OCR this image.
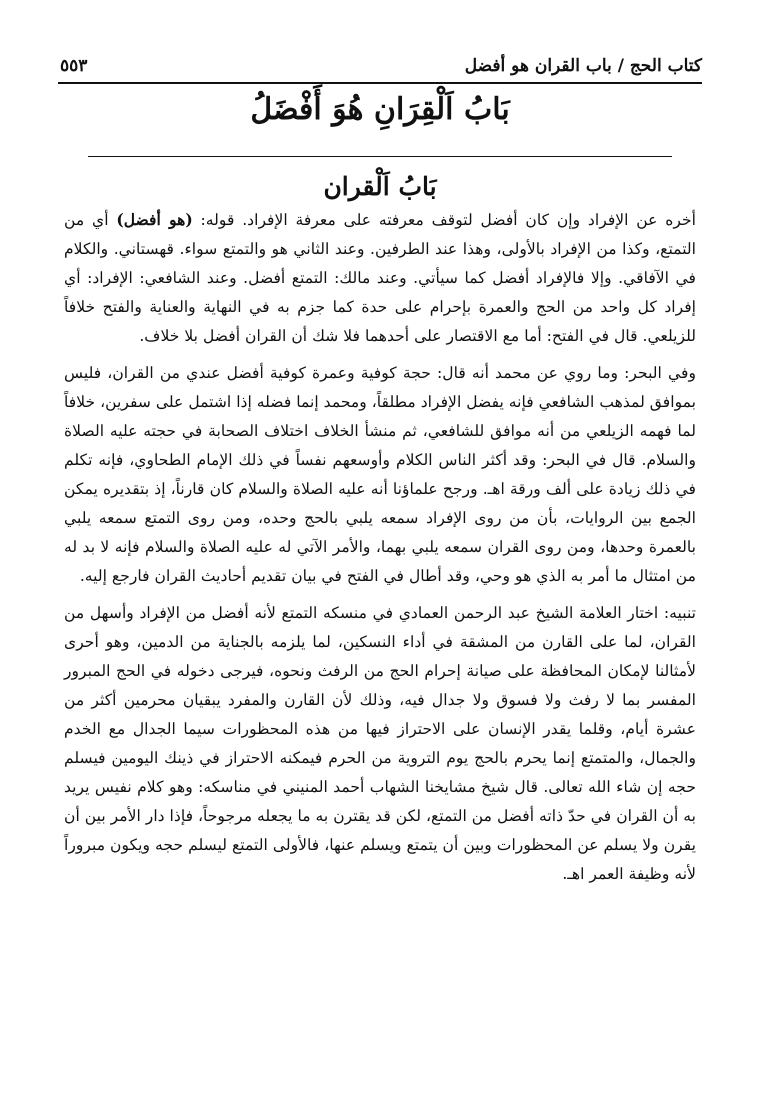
كتاب الحج / باب القران هو أفضل
٥٥٣
بَابُ اَلْقِرَانِ هُوَ أَفْضَلُ
بَابُ اَلْقران

أخره عن الإفراد وإن كان أفضل لتوقف معرفته على معرفة الإفراد. قوله: (هو أفضل) أي من التمتع، وكذا من الإفراد بالأولى، وهذا عند الطرفين. وعند الثاني هو والتمتع سواء. قهستاني. والكلام في الآفاقي. وإلا فالإفراد أفضل كما سيأتي. وعند مالك: التمتع أفضل. وعند الشافعي: الإفراد: أي إفراد كل واحد من الحج والعمرة بإحرام على حدة كما جزم به في النهاية والعناية والفتح خلافاً للزيلعي. قال في الفتح: أما مع الاقتصار على أحدهما فلا شك أن القران أفضل بلا خلاف.

وفي البحر: وما روي عن محمد أنه قال: حجة كوفية وعمرة كوفية أفضل عندي من القران، فليس بموافق لمذهب الشافعي فإنه يفضل الإفراد مطلقاً، ومحمد إنما فضله إذا اشتمل على سفرين، خلافاً لما فهمه الزيلعي من أنه موافق للشافعي، ثم منشأ الخلاف اختلاف الصحابة في حجته عليه الصلاة والسلام. قال في البحر: وقد أكثر الناس الكلام وأوسعهم نفساً في ذلك الإمام الطحاوي، فإنه تكلم في ذلك زيادة على ألف ورقة اهـ. ورجح علماؤنا أنه عليه الصلاة والسلام كان قارناً، إذ بتقديره يمكن الجمع بين الروايات، بأن من روى الإفراد سمعه يلبي بالحج وحده، ومن روى التمتع سمعه يلبي بالعمرة وحدها، ومن روى القران سمعه يلبي بهما، والأمر الآتي له عليه الصلاة والسلام فإنه لا بد له من امتثال ما أمر به الذي هو وحي، وقد أطال في الفتح في بيان تقديم أحاديث القران فارجع إليه.

تنبيه: اختار العلامة الشيخ عبد الرحمن العمادي في منسكه التمتع لأنه أفضل من الإفراد وأسهل من القران، لما على القارن من المشقة في أداء النسكين، لما يلزمه بالجناية من الدمين، وهو أحرى لأمثالنا لإمكان المحافظة على صيانة إحرام الحج من الرفث ونحوه، فيرجى دخوله في الحج المبرور المفسر بما لا رفث ولا فسوق ولا جدال فيه، وذلك لأن القارن والمفرد يبقيان محرمين أكثر من عشرة أيام، وقلما يقدر الإنسان على الاحتراز فيها من هذه المحظورات سيما الجدال مع الخدم والجمال، والمتمتع إنما يحرم بالحج يوم التروية من الحرم فيمكنه الاحتراز في ذينك اليومين فيسلم حجه إن شاء الله تعالى. قال شيخ مشايخنا الشهاب أحمد المنيني في مناسكه: وهو كلام نفيس يريد به أن القران في حدّ ذاته أفضل من التمتع، لكن قد يقترن به ما يجعله مرجوحاً، فإذا دار الأمر بين أن يقرن ولا يسلم عن المحظورات وبين أن يتمتع ويسلم عنها، فالأولى التمتع ليسلم حجه ويكون مبروراً لأنه وظيفة العمر اهـ.
